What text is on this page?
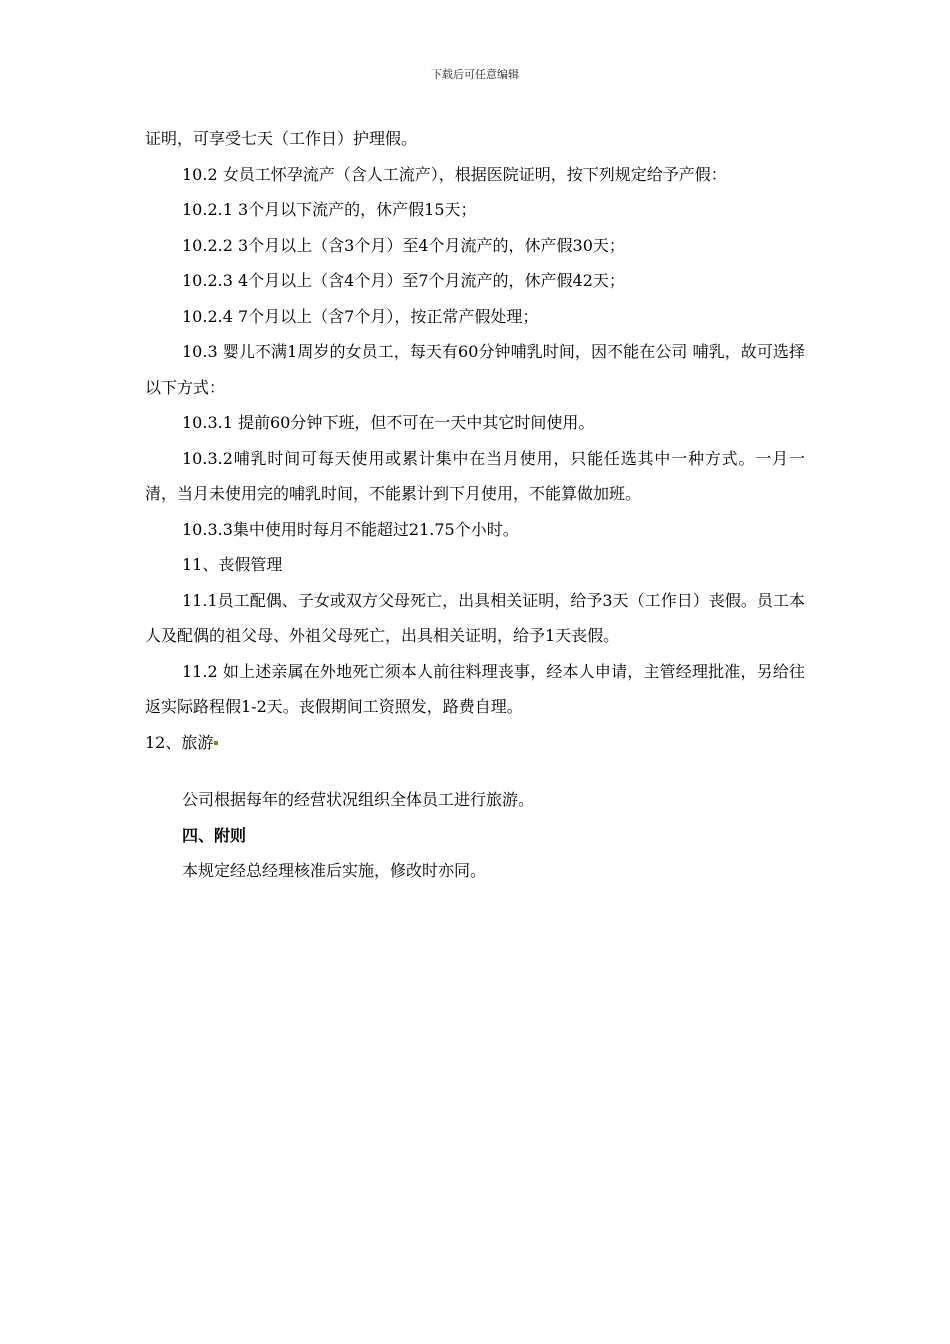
下载后可任意编辑
证明，可享受七天（工作日）护理假。
10.2 女员工怀孕流产（含人工流产），根据医院证明，按下列规定给予产假：
10.2.1 3个月以下流产的，休产假15天；
10.2.2 3个月以上（含3个月）至4个月流产的，休产假30天；
10.2.3 4个月以上（含4个月）至7个月流产的，休产假42天；
10.2.4 7个月以上（含7个月），按正常产假处理；
10.3 婴儿不满1周岁的女员工，每天有60分钟哺乳时间，因不能在公司 哺乳，故可选择以下方式：
10.3.1 提前60分钟下班，但不可在一天中其它时间使用。
10.3.2哺乳时间可每天使用或累计集中在当月使用，只能任选其中一种方式。一月一清，当月未使用完的哺乳时间，不能累计到下月使用，不能算做加班。
10.3.3集中使用时每月不能超过21.75个小时。
11、丧假管理
11.1员工配偶、子女或双方父母死亡，出具相关证明，给予3天（工作日）丧假。员工本人及配偶的祖父母、外祖父母死亡，出具相关证明，给予1天丧假。
11.2 如上述亲属在外地死亡须本人前往料理丧事，经本人申请，主管经理批准，另给往返实际路程假1-2天。丧假期间工资照发，路费自理。
12、旅游
公司根据每年的经营状况组织全体员工进行旅游。
四、附则
本规定经总经理核准后实施，修改时亦同。
